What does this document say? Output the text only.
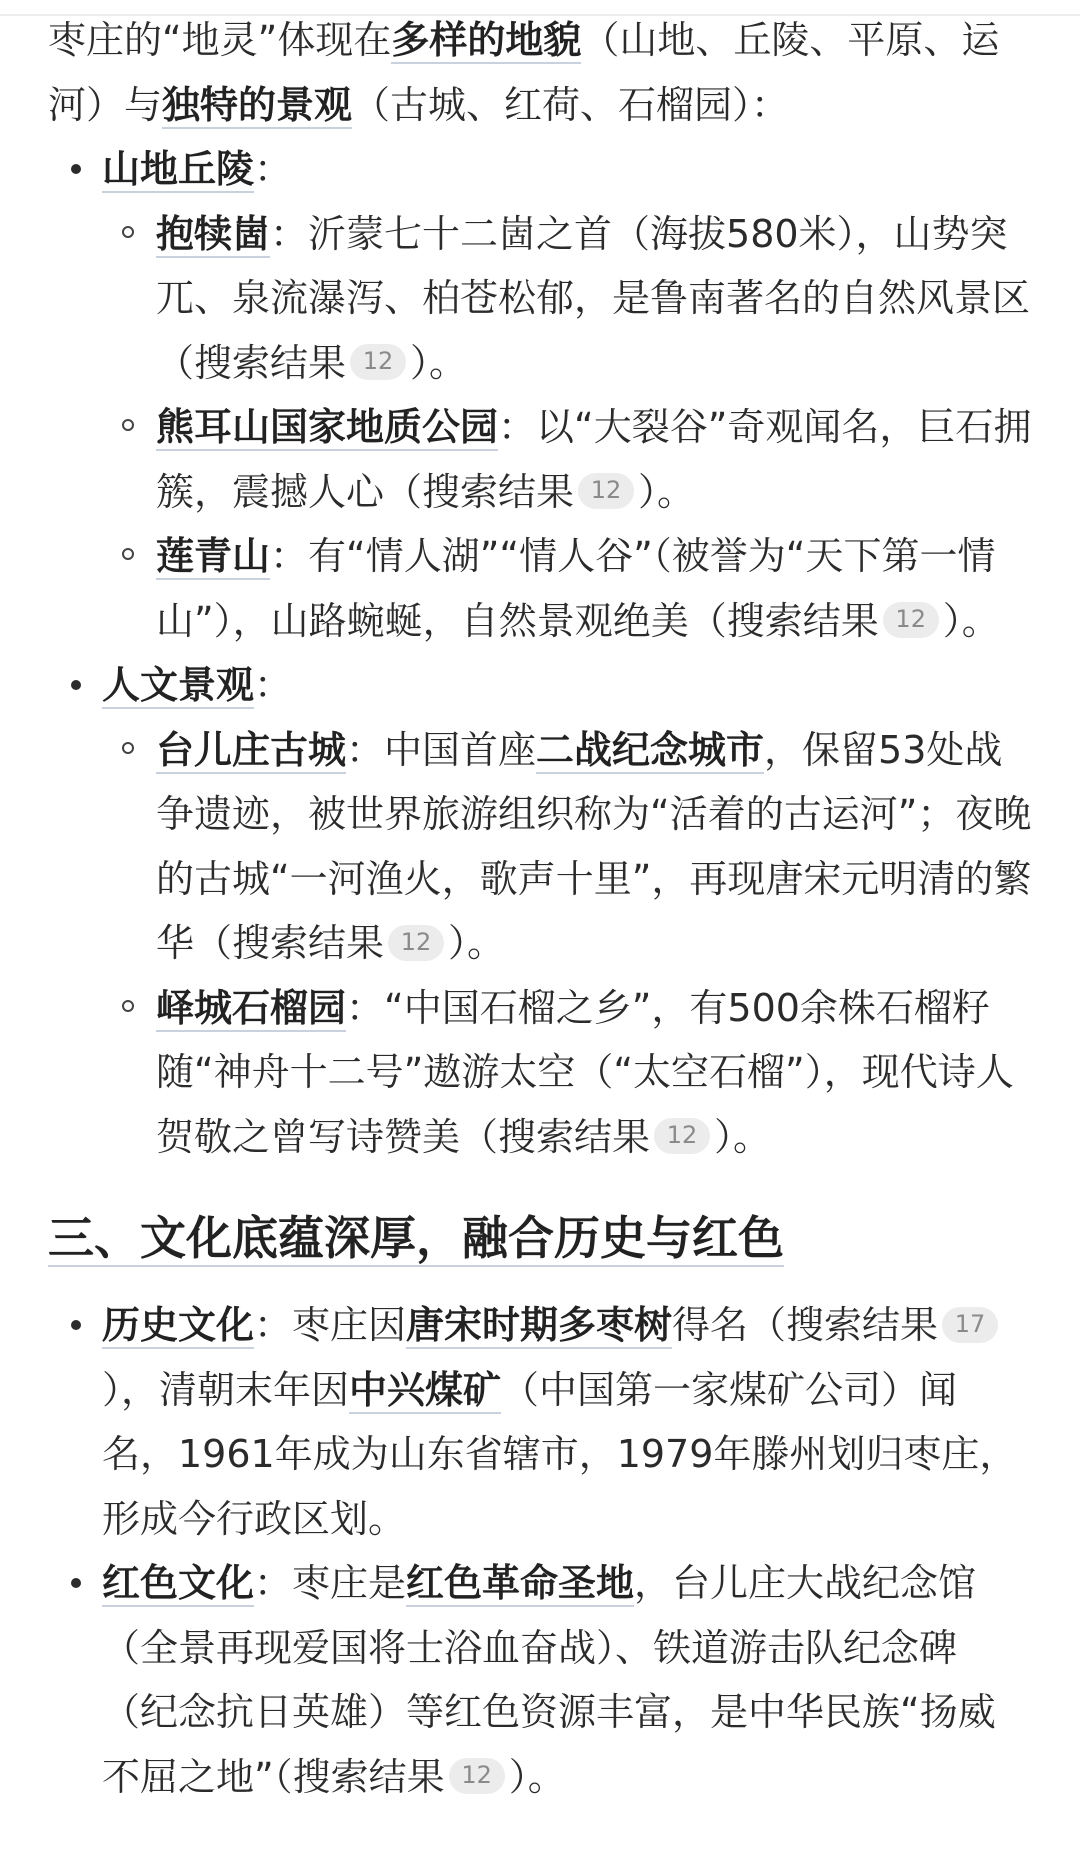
枣庄的“地灵”体现在多样的地貌（山地、丘陵、平原、运河）与独特的景观（古城、红荷、石榴园）：

山地丘陵：
抱犊崮：沂蒙七十二崮之首（海拔580米），山势突兀、泉流瀑泻、柏苍松郁，是鲁南著名的自然风景区（搜索结果 12 ）。
熊耳山国家地质公园：以“大裂谷”奇观闻名，巨石拥簇，震撼人心（搜索结果 12 ）。
莲青山：有“情人湖”“情人谷”（被誉为“天下第一情山”），山路蜿蜒，自然景观绝美（搜索结果 12 ）。
人文景观：
台儿庄古城：中国首座二战纪念城市，保留53处战争遗迹，被世界旅游组织称为“活着的古运河”；夜晚的古城“一河渔火，歌声十里”，再现唐宋元明清的繁华（搜索结果 12 ）。
峄城石榴园：“中国石榴之乡”，有500余株石榴籽随“神舟十二号”遨游太空（“太空石榴”），现代诗人贺敬之曾写诗赞美（搜索结果 12 ）。
三、文化底蕴深厚，融合历史与红色
历史文化：枣庄因唐宋时期多枣树得名（搜索结果 17），清朝末年因中兴煤矿（中国第一家煤矿公司）闻名，1961年成为山东省辖市，1979年滕州划归枣庄，形成今行政区划。
红色文化：枣庄是红色革命圣地，台儿庄大战纪念馆（全景再现爱国将士浴血奋战）、铁道游击队纪念碑（纪念抗日英雄）等红色资源丰富，是中华民族“扬威不屈之地”（搜索结果 12 ）。
